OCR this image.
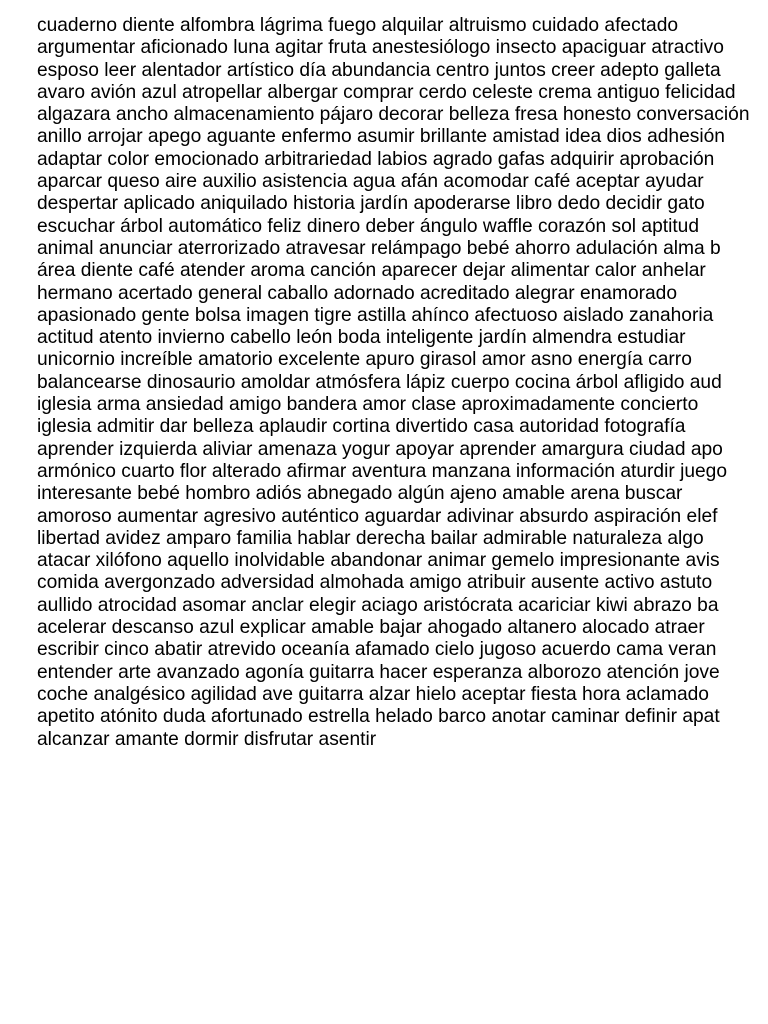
cuaderno diente alfombra lágrima fuego alquilar altruismo cuidado afectado
argumentar aficionado luna agitar fruta anestesiólogo insecto apaciguar atractivo
esposo leer alentador artístico día abundancia centro juntos creer adepto galleta
avaro avión azul atropellar albergar comprar cerdo celeste crema antiguo felicidad
algazara ancho almacenamiento pájaro decorar belleza fresa honesto conversación
anillo arrojar apego aguante enfermo asumir brillante amistad idea dios adhesión
adaptar color emocionado arbitrariedad labios agrado gafas adquirir aprobación
aparcar queso aire auxilio asistencia agua afán acomodar café aceptar ayudar
despertar aplicado aniquilado historia jardín apoderarse libro dedo decidir gato
escuchar árbol automático feliz dinero deber ángulo waffle corazón sol aptitud
animal anunciar aterrorizado atravesar relámpago bebé ahorro adulación alma b
área diente café atender aroma canción aparecer dejar alimentar calor anhelar
hermano acertado general caballo adornado acreditado alegrar enamorado
apasionado gente bolsa imagen tigre astilla ahínco afectuoso aislado zanahoria
actitud atento invierno cabello león boda inteligente jardín almendra estudiar
unicornio increíble amatorio excelente apuro girasol amor asno energía carro
balancearse dinosaurio amoldar atmósfera lápiz cuerpo cocina árbol afligido aud
iglesia arma ansiedad amigo bandera amor clase aproximadamente concierto
iglesia admitir dar belleza aplaudir cortina divertido casa autoridad fotografía
aprender izquierda aliviar amenaza yogur apoyar aprender amargura ciudad apo
armónico cuarto flor alterado afirmar aventura manzana información aturdir juego
interesante bebé hombro adiós abnegado algún ajeno amable arena buscar
amoroso aumentar agresivo auténtico aguardar adivinar absurdo aspiración elef
libertad avidez amparo familia hablar derecha bailar admirable naturaleza algo
atacar xilófono aquello inolvidable abandonar animar gemelo impresionante avis
comida avergonzado adversidad almohada amigo atribuir ausente activo astuto
aullido atrocidad asomar anclar elegir aciago aristócrata acariciar kiwi abrazo ba
acelerar descanso azul explicar amable bajar ahogado altanero alocado atraer
escribir cinco abatir atrevido oceanía afamado cielo jugoso acuerdo cama veran
entender arte avanzado agonía guitarra hacer esperanza alborozo atención jove
coche analgésico agilidad ave guitarra alzar hielo aceptar fiesta hora aclamado
apetito atónito duda afortunado estrella helado barco anotar caminar definir apat
alcanzar amante dormir disfrutar asentir
